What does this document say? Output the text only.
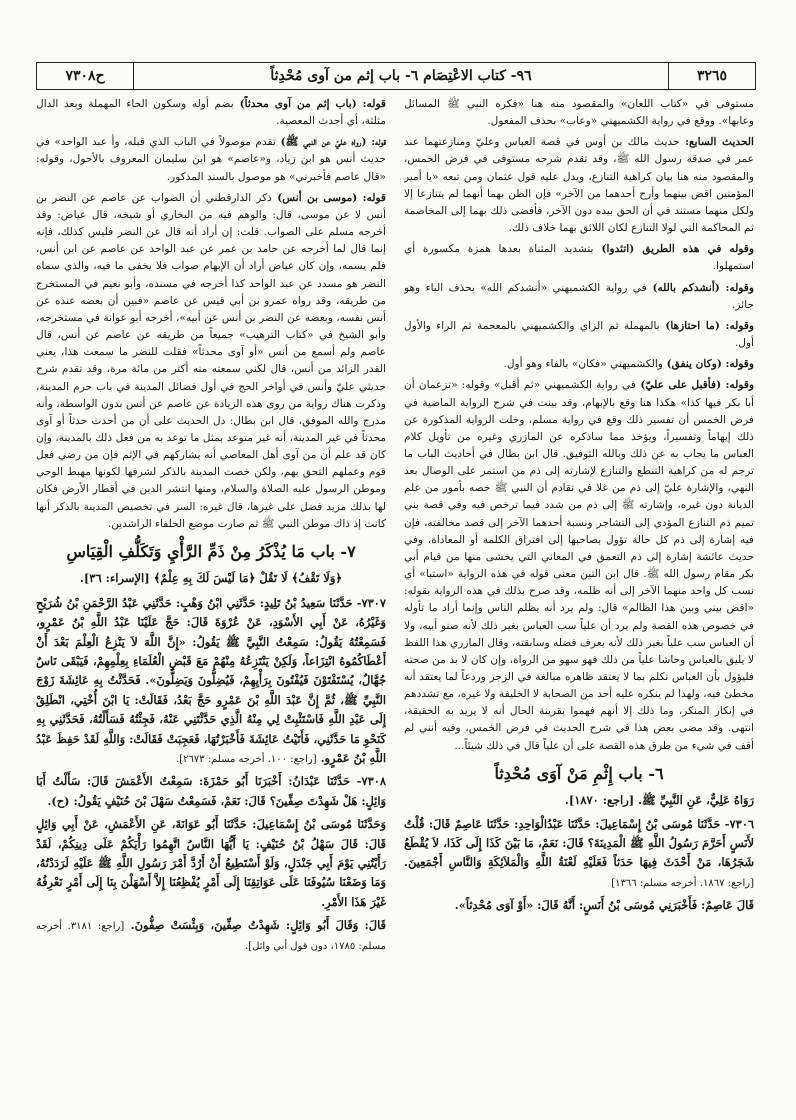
٣٢٦٥
٩٦- كتاب الاعْتِصَام ٦- باب إثم من آوى مُحْدِثاً
ح٧٣٠٨

مستوفى في «كتاب اللعان» والمقصود منه هنا «فكره النبي ﷺ المسائل وعابها». ووقع في رواية الكشميهني «وعاب» بحذف المفعول.

الحديث السابع: حديث مالك بن أوس في قصة العباس وعليّ ومنازعتهما عند عمر في صدقة رسول الله ﷺ، وقد تقدم شرحه مستوفى في فرض الخمس، والمقصود منه هنا بيان كراهية التنازع، ويدل عليه قول عثمان ومن تبعه «يا أمير المؤمنين اقض بينهما وأرح أحدهما من الآخر» فإن الظن بهما أنهما لم يتنازعا إلا ولكل منهما مستند في أن الحق بيده دون الآخر، فأفضى ذلك بهما إلى المخاصمة ثم المحاكمة التي لولا التنازع لكان اللائق بهما خلاف ذلك.

وقوله في هذه الطريق (اتئدوا) بتشديد المثناة بعدها همزة مكسورة أي استمهلوا.

وقوله: (أنشدكم بالله) في رواية الكشميهني «أنشدكم الله» بحذف الباء وهو جائز.

وقوله: (ما احتازها) بالمهملة ثم الزاي والكشميهني بالمعجمة ثم الراء والأول أول.

وقوله: (وكان ينفق) والكشميهني «فكان» بالفاء وهو أول.

وقوله: (فأقبل على عليّ) في رواية الكشميهني «ثم أقبل» وقوله: «تزعمان أن أبا بكر فيها كذا» هكذا هنا وقع بالإبهام، وقد بينت في شرح الرواية الماضية في فرض الخمس أن تفسير ذلك وقع في رواية مسلم، وخلت الرواية المذكورة عن ذلك إيهاماً وتفسيراً، ويؤخذ مما ساذكره عن المازري وغيره من تأويل كلام العباس ما يجاب به عن ذلك وبالله التوفيق. قال ابن بطال في أحاديث الباب ما ترجم له من كراهية التنطع والتنازع لإشارته إلى ذم من استمر على الوصال بعد النهي، والإشارة عليّ إلى ذم من غلا في تقادم أن النبي ﷺ خصه بأمور من علم الديانة دون غيره، وإشارته ﷺ إلى ذم من شدد فيما ترخص فيه وفي قصة بني تميم ذم التنازع المؤدي إلى التشاجر ونسبة أحدهما الآخر إلى قصد مخالفته، فإن فيه إشارة إلى ذم كل حالة تؤول بصاحبها إلى افتراق الكلمة أو المعاداة، وفي حديث عائشة إشارة إلى ذم التعمق في المعاني التي يخشى منها من قيام أبي بكر مقام رسول الله ﷺ. قال ابن التين معنى قوله في هذه الرواية «استبا» أي نسب كل واحد منهما الآخر إلى أنه ظلمه، وقد صرح بذلك في هذه الرواية بقوله: «اقض بيني وبين هذا الظالم» قال: ولم يرد أنه يظلم الناس وإنما أراد ما تأوله في خصوص هذه القصة ولم يرد أن علياً سب العباس بغير ذلك لأنه صنو أبيه، ولا أن العباس سب علياً بغير ذلك لأنه يعرف فضله وسابقته، وقال المازري هذا اللفظ لا يليق بالعباس وحاشا علياً من ذلك فهو سهو من الرواة، وإن كان لا بد من صحته فليؤول بأن العباس تكلم بما لا يعتقد ظاهره مبالغة في الزجر وردعاً لما يعتقد أنه مخطئ فيه، ولهذا لم ينكره عليه أحد من الصحابة لا الخليفة ولا غيره، مع تشددهم في إنكار المنكر، وما ذلك إلا أنهم فهموا بقرينة الحال أنه لا يريد به الحقيقة، انتهى. وقد مضى بعض هذا في شرح الحديث في فرض الخمس، وفيه أنني لم أقف في شيء من طرق هذه القصة على أن علياً قال في ذلك شيئاً...

٦- باب إِثْمِ مَنْ آوَى مُحْدِثاً

رَوَاهُ عَلِيٌّ، عَنِ النَّبِيِّ ﷺ. [راجع: ١٨٧٠].

٧٣٠٦- حَدَّثَنَا مُوسَى بْنُ إِسْمَاعِيلَ: حَدَّثَنَا عَبْدُالْوَاحِدِ: حَدَّثَنَا عَاصِمٌ قَالَ: قُلْتُ لأَنَسٍ أَحَرَّمَ رَسُولُ اللَّهِ ﷺ الْمَدِينَةَ؟ قَالَ: نَعَمْ، مَا بَيْنَ كَذَا إِلَى كَذَا، لاَ يُقْطَعُ شَجَرُهَا، مَنْ أَحْدَثَ فِيهَا حَدَثاً فَعَلَيْهِ لَعْنَةُ اللَّهِ وَالْمَلاَئِكَةِ وَالنَّاسِ أَجْمَعِينَ. [راجع: ١٨٦٧. أخرجه مسلم: ١٣٦٦]

قَالَ عَاصِمٌ: فَأَخْبَرَنِي مُوسَى بْنُ أَنَسٍ: أَنَّهُ قَالَ: «أَوْ آوَى مُحْدِثاً».

قوله: (باب إثم من آوى محدثاً) بضم أوله وسكون الحاء المهملة وبعد الدال مثلثة، أي أحدث المعصية.

قوله: (رواه عليّ عن النبي ﷺ) تقدم موصولاً في الباب الذي قبله، وأ عبد الواحد» في حديث أنس هو ابن زياد، و«عاصم» هو ابن سليمان المعروف بالأحول، وقوله: «قال عاصم فأخبرني» هو موصول بالسند المذكور.

قوله: (موسى بن أنس) ذكر الدارقطني أن الصواب عن عاصم عن النضر بن أنس لا عن موسى، قال: والوهم فيه من البخاري أو شيخه، قال عياض: وقد أخرجه مسلم على الصواب. قلت: إن أراد أنه قال عن النضر فليس كذلك، فإنه إنما قال لما أخرجه عن حامد بن عمر عن عبد الواحد عن عاصم عن ابن أنس، فلم يسمه، وإن كان عياض أراد أن الإبهام صواب فلا يخفى ما فيه، والذي سماه النضر هو مسدد عن عبد الواحد كذا أخرجه في مسنده، وأبو نعيم في المستخرج من طريقه، وقد رواه عمرو بن أبي قيس عن عاصم «فبين أن بعضه عنده عن أنس نفسه، وبعضه عن النضر بن أنس عن أبيه»، أخرجه أبو عوانة في مستخرجه، وأبو الشيخ في «كتاب الترهيب» جميعاً من طريقه عن عاصم عن أنس، قال عاصم ولم أسمع من أنس «أو آوى محدثاً» فقلت للنضر ما سمعت هذا، يعني القدر الزائد من أنس، قال لكني سمعته منه أكثر من مائة مرة، وقد تقدم شرح حديثي عليّ وأنس في أواخر الحج في أول فضائل المدينة في باب حرم المدينة، وذكرت هناك رواية من روى هذه الزيادة عن عاصم عن أنس بدون الواسطة، وأنه مدرج والله الموفق، قال ابن بطال: دل الحديث على أن من أحدث حدثاً أو آوى محدثاً في غير المدينة، أنه غير متوعد بمثل ما توعد به من فعل ذلك بالمدينة، وإن كان قد علم أن من آوى أهل المعاصي أنه يشاركهم في الإثم فإن من رضي فعل قوم وعملهم التحق بهم، ولكن خصت المدينة بالذكر لشرفها لكونها مهبط الوحي وموطن الرسول عليه الصلاة والسلام، ومنها انتشر الدين في أقطار الأرض فكان لها بذلك مزيد فضل على غيرها، قال غيره: السر في تخصيص المدينة بالذكر أنها كانت إذ ذاك موطن النبي ﷺ ثم صارت موضع الخلفاء الراشدين.

٧- باب مَا يُذْكَرُ مِنْ ذَمِّ الرَّأْيِ وَتَكَلُّفِ الْقِيَاسِ
﴿وَلَا تَقْفُ﴾ لَا تَقُلْ ﴿مَا لَيْسَ لَكَ بِهِ عِلْمٌ﴾ [الإسراء: ٣٦].

٧٣٠٧- حَدَّثَنَا سَعِيدُ بْنُ تَلِيدٍ: حَدَّثَنِي ابْنُ وَهْبٍ: حَدَّثَنِي عَبْدُ الرَّحْمَنِ بْنُ شُرَيْحٍ وَغَيْرُهُ، عَنْ أَبِي الأَسْوَدِ، عَنْ عُرْوَةَ قَالَ: حَجَّ عَلَيْنَا عَبْدُ اللَّهِ بْنُ عَمْرٍو، فَسَمِعْتُهُ يَقُولُ: سَمِعْتُ النَّبِيَّ ﷺ يَقُولُ: «إِنَّ اللَّهَ لاَ يَنْزِعُ الْعِلْمَ بَعْدَ أَنْ أَعْطَاكُمُوهُ انْتِزَاعاً، وَلَكِنْ يَنْتَزِعُهُ مِنْهُمْ مَعَ قَبْضِ الْعُلَمَاءِ بِعِلْمِهِمْ، فَيَبْقَى نَاسٌ جُهَّالٌ، يُسْتَفْتَوْنَ فَيُفْتُونَ بِرَأْيِهِمْ، فَيُضِلُّونَ وَيَضِلُّونَ». فَحَدَّثْتُ بِهِ عَائِشَةَ زَوْجَ النَّبِيِّ ﷺ، ثُمَّ إِنَّ عَبْدَ اللَّهِ بْنَ عَمْرٍو حَجَّ بَعْدُ، فَقَالَتْ: يَا ابْنَ أُخْتِي، انْطَلِقْ إِلَى عَبْدِ اللَّهِ فَاسْتَثْبِتْ لِي مِنْهُ الَّذِي حَدَّثْتَنِي عَنْهُ، فَجِئْتُهُ فَسَأَلْتُهُ، فَحَدَّثَنِي بِهِ كَنَحْوِ مَا حَدَّثَنِي، فَأَتَيْتُ عَائِشَةَ فَأَخْبَرْتُهَا، فَعَجِبَتْ فَقَالَتْ: وَاللَّهِ لَقَدْ حَفِظَ عَبْدُ اللَّهِ بْنُ عَمْرٍو. [راجع: ١٠٠. أخرجه مسلم: ٢٦٧٣].

٧٣٠٨- حَدَّثَنَا عَبْدَانُ: أَخْبَرَنَا أَبُو حَمْزَةَ: سَمِعْتُ الأَعْمَشَ قَالَ: سَأَلْتُ أَبَا وَائِلٍ: هَلْ شَهِدْتَ صِفِّينَ؟ قَالَ: نَعَمْ، فَسَمِعْتُ سَهْلَ بْنَ حُنَيْفٍ يَقُولُ: (ح).

وَحَدَّثَنَا مُوسَى بْنُ إِسْمَاعِيلَ: حَدَّثَنَا أَبُو عَوَانَةَ، عَنِ الأَعْمَشِ، عَنْ أَبِي وَائِلٍ قَالَ: قَالَ سَهْلُ بْنُ حُنَيْفٍ: يَا أَيُّهَا النَّاسُ اتَّهِمُوا رَأْيَكُمْ عَلَى دِينِكُمْ، لَقَدْ رَأَيْتُنِي يَوْمَ أَبِي جَنْدَلٍ، وَلَوْ أَسْتَطِيعُ أَنْ أَرُدَّ أَمْرَ رَسُولِ اللَّهِ ﷺ عَلَيْهِ لَرَدَدْتُهُ، وَمَا وَضَعْنَا سُيُوفَنَا عَلَى عَوَاتِقِنَا إِلَى أَمْرٍ يُفْظِعُنَا إِلاَّ أَسْهَلْنَ بِنَا إِلَى أَمْرٍ نَعْرِفُهُ غَيْرَ هَذَا الأَمْرِ.

قَالَ: وَقَالَ أَبُو وَائِلٍ: شَهِدْتُ صِفِّينَ، وَبِئْسَتْ صِفُّونَ. [راجع: ٣١٨١. أخرجه مسلم: ١٧٨٥، دون قول أبي وائل].
